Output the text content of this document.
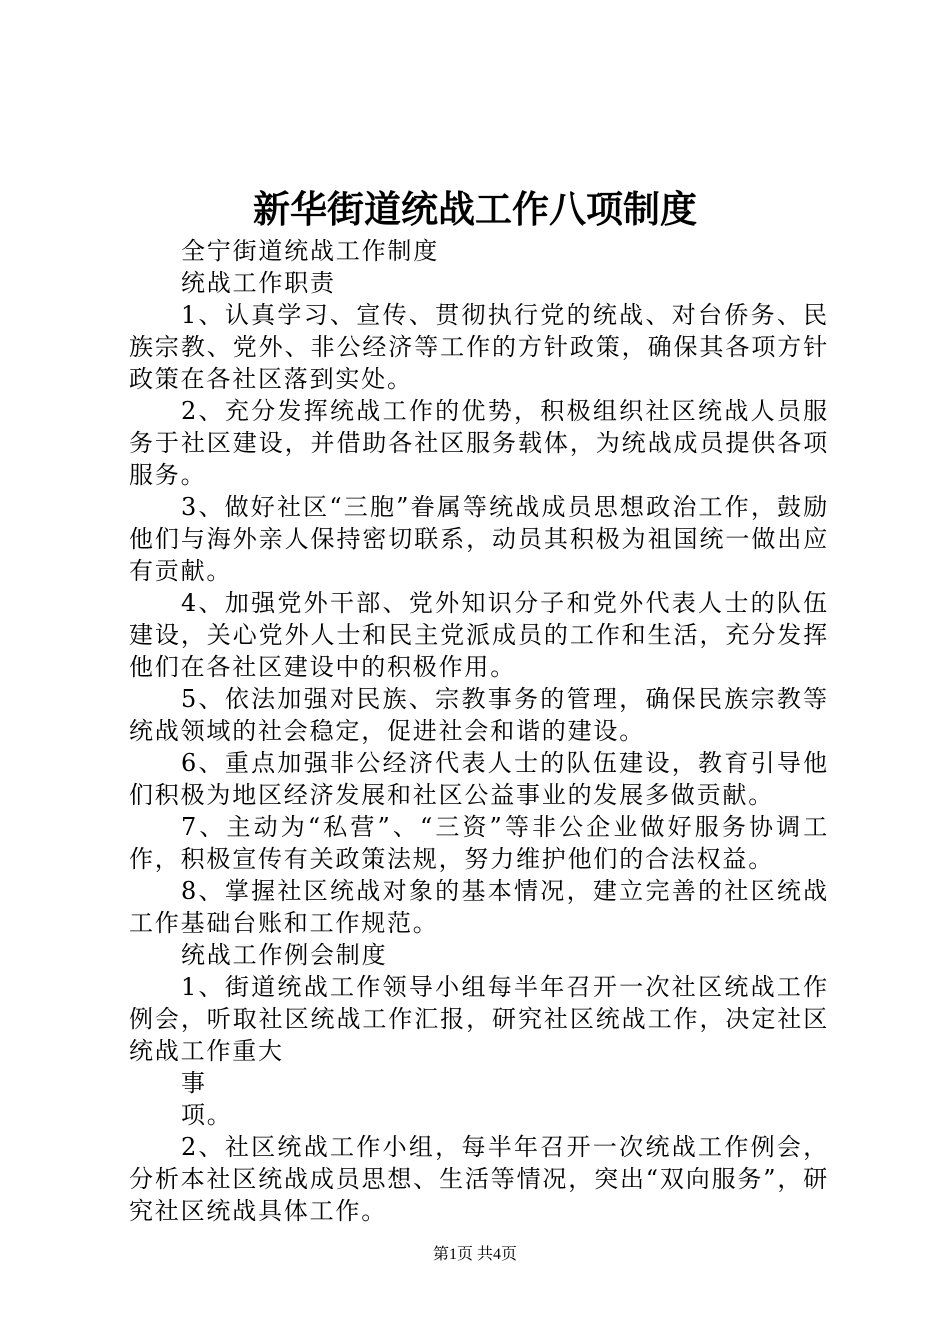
新华街道统战工作八项制度

全宁街道统战工作制度

统战工作职责

1、认真学习、宣传、贯彻执行党的统战、对台侨务、民族宗教、党外、非公经济等工作的方针政策，确保其各项方针政策在各社区落到实处。

2、充分发挥统战工作的优势，积极组织社区统战人员服务于社区建设，并借助各社区服务载体，为统战成员提供各项服务。

3、做好社区“三胞”眷属等统战成员思想政治工作，鼓励他们与海外亲人保持密切联系，动员其积极为祖国统一做出应有贡献。

4、加强党外干部、党外知识分子和党外代表人士的队伍建设，关心党外人士和民主党派成员的工作和生活，充分发挥他们在各社区建设中的积极作用。

5、依法加强对民族、宗教事务的管理，确保民族宗教等统战领域的社会稳定，促进社会和谐的建设。

6、重点加强非公经济代表人士的队伍建设，教育引导他们积极为地区经济发展和社区公益事业的发展多做贡献。

7、主动为“私营”、“三资”等非公企业做好服务协调工作，积极宣传有关政策法规，努力维护他们的合法权益。

8、掌握社区统战对象的基本情况，建立完善的社区统战工作基础台账和工作规范。

统战工作例会制度

1、街道统战工作领导小组每半年召开一次社区统战工作例会，听取社区统战工作汇报，研究社区统战工作，决定社区统战工作重大

事

项。

2、社区统战工作小组，每半年召开一次统战工作例会，分析本社区统战成员思想、生活等情况，突出“双向服务”，研究社区统战具体工作。

第1页 共4页
